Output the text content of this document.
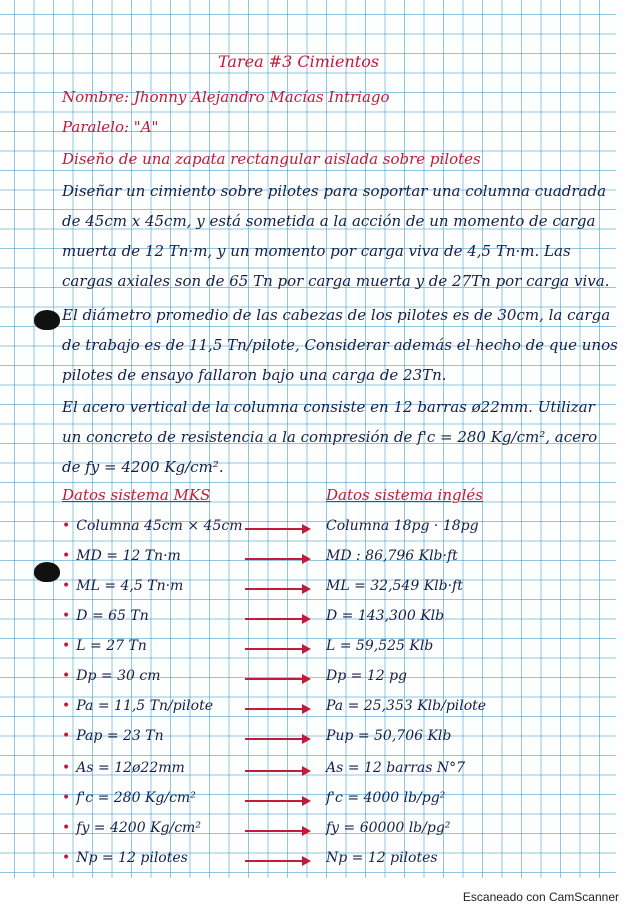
Tarea #3 Cimientos
Nombre: Jhonny Alejandro Macías Intriago
Paralelo: "A"
Diseño de una zapata rectangular aislada sobre pilotes
Diseñar un cimiento sobre pilotes para soportar una columna cuadrada
de 45cm x 45cm, y está sometida a la acción de un momento de carga
muerta de 12 Tn·m, y un momento por carga viva de 4,5 Tn·m. Las
cargas axiales son de 65 Tn por carga muerta y de 27Tn por carga viva.
El diámetro promedio de las cabezas de los pilotes es de 30cm, la carga
de trabajo es de 11,5 Tn/pilote, Considerar además el hecho de que unos
pilotes de ensayo fallaron bajo una carga de 23Tn.
El acero vertical de la columna consiste en 12 barras ø22mm. Utilizar
un concreto de resistencia a la compresión de f'c = 280 Kg/cm², acero
de fy = 4200 Kg/cm².
Datos sistema MKS	Datos sistema inglés
• Columna 45cm × 45cm	Columna 18pg · 18pg
• MD = 12 Tn·m	MD : 86,796 Klb·ft
• ML = 4,5 Tn·m	ML = 32,549 Klb·ft
• D = 65 Tn	D = 143,300 Klb
• L = 27 Tn	L = 59,525 Klb
• Dp = 30 cm	Dp = 12 pg
• Pa = 11,5 Tn/pilote	Pa = 25,353 Klb/pilote
• Pap = 23 Tn	Pup = 50,706 Klb
• As = 12ø22mm	As = 12 barras N°7
• f'c = 280 Kg/cm²	f'c = 4000 lb/pg²
• fy = 4200 Kg/cm²	fy = 60000 lb/pg²
• Np = 12 pilotes	Np = 12 pilotes
Escaneado con CamScanner
